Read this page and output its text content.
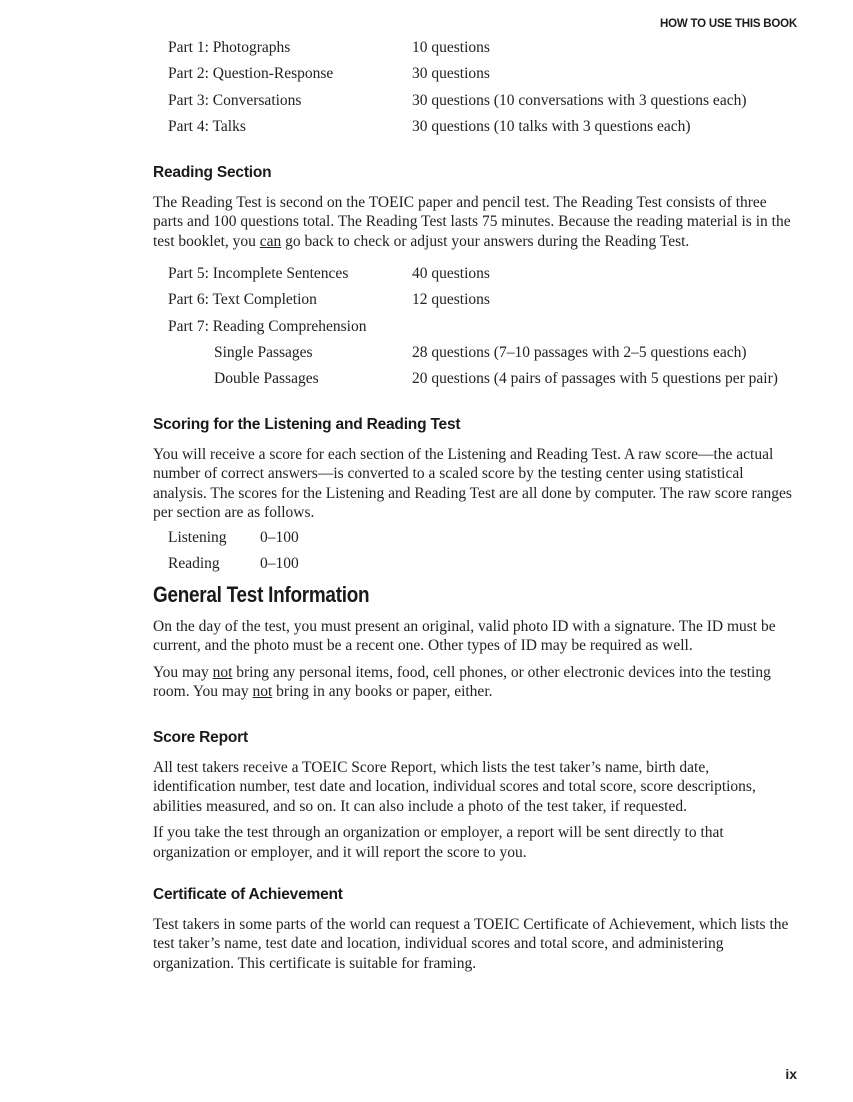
HOW TO USE THIS BOOK
Part 1: Photographs	10 questions
Part 2: Question-Response	30 questions
Part 3: Conversations	30 questions (10 conversations with 3 questions each)
Part 4: Talks	30 questions (10 talks with 3 questions each)
Reading Section

The Reading Test is second on the TOEIC paper and pencil test. The Reading Test consists of three parts and 100 questions total. The Reading Test lasts 75 minutes. Because the reading material is in the test booklet, you can go back to check or adjust your answers during the Reading Test.

Part 5: Incomplete Sentences	40 questions
Part 6: Text Completion	12 questions
Part 7: Reading Comprehension
Single Passages	28 questions (7–10 passages with 2–5 questions each)
Double Passages	20 questions (4 pairs of passages with 5 questions per pair)
Scoring for the Listening and Reading Test

You will receive a score for each section of the Listening and Reading Test. A raw score—the actual number of correct answers—is converted to a scaled score by the testing center using statistical analysis. The scores for the Listening and Reading Test are all done by computer. The raw score ranges per section are as follows.

Listening 0–100
Reading	0–100
General Test Information

On the day of the test, you must present an original, valid photo ID with a signature. The ID must be current, and the photo must be a recent one. Other types of ID may be required as well.

You may not bring any personal items, food, cell phones, or other electronic devices into the testing room. You may not bring in any books or paper, either.

Score Report

All test takers receive a TOEIC Score Report, which lists the test taker’s name, birth date, identification number, test date and location, individual scores and total score, score descriptions, abilities measured, and so on. It can also include a photo of the test taker, if requested.

If you take the test through an organization or employer, a report will be sent directly to that organization or employer, and it will report the score to you.

Certificate of Achievement

Test takers in some parts of the world can request a TOEIC Certificate of Achievement, which lists the test taker’s name, test date and location, individual scores and total score, and administering organization. This certificate is suitable for framing.

ix
